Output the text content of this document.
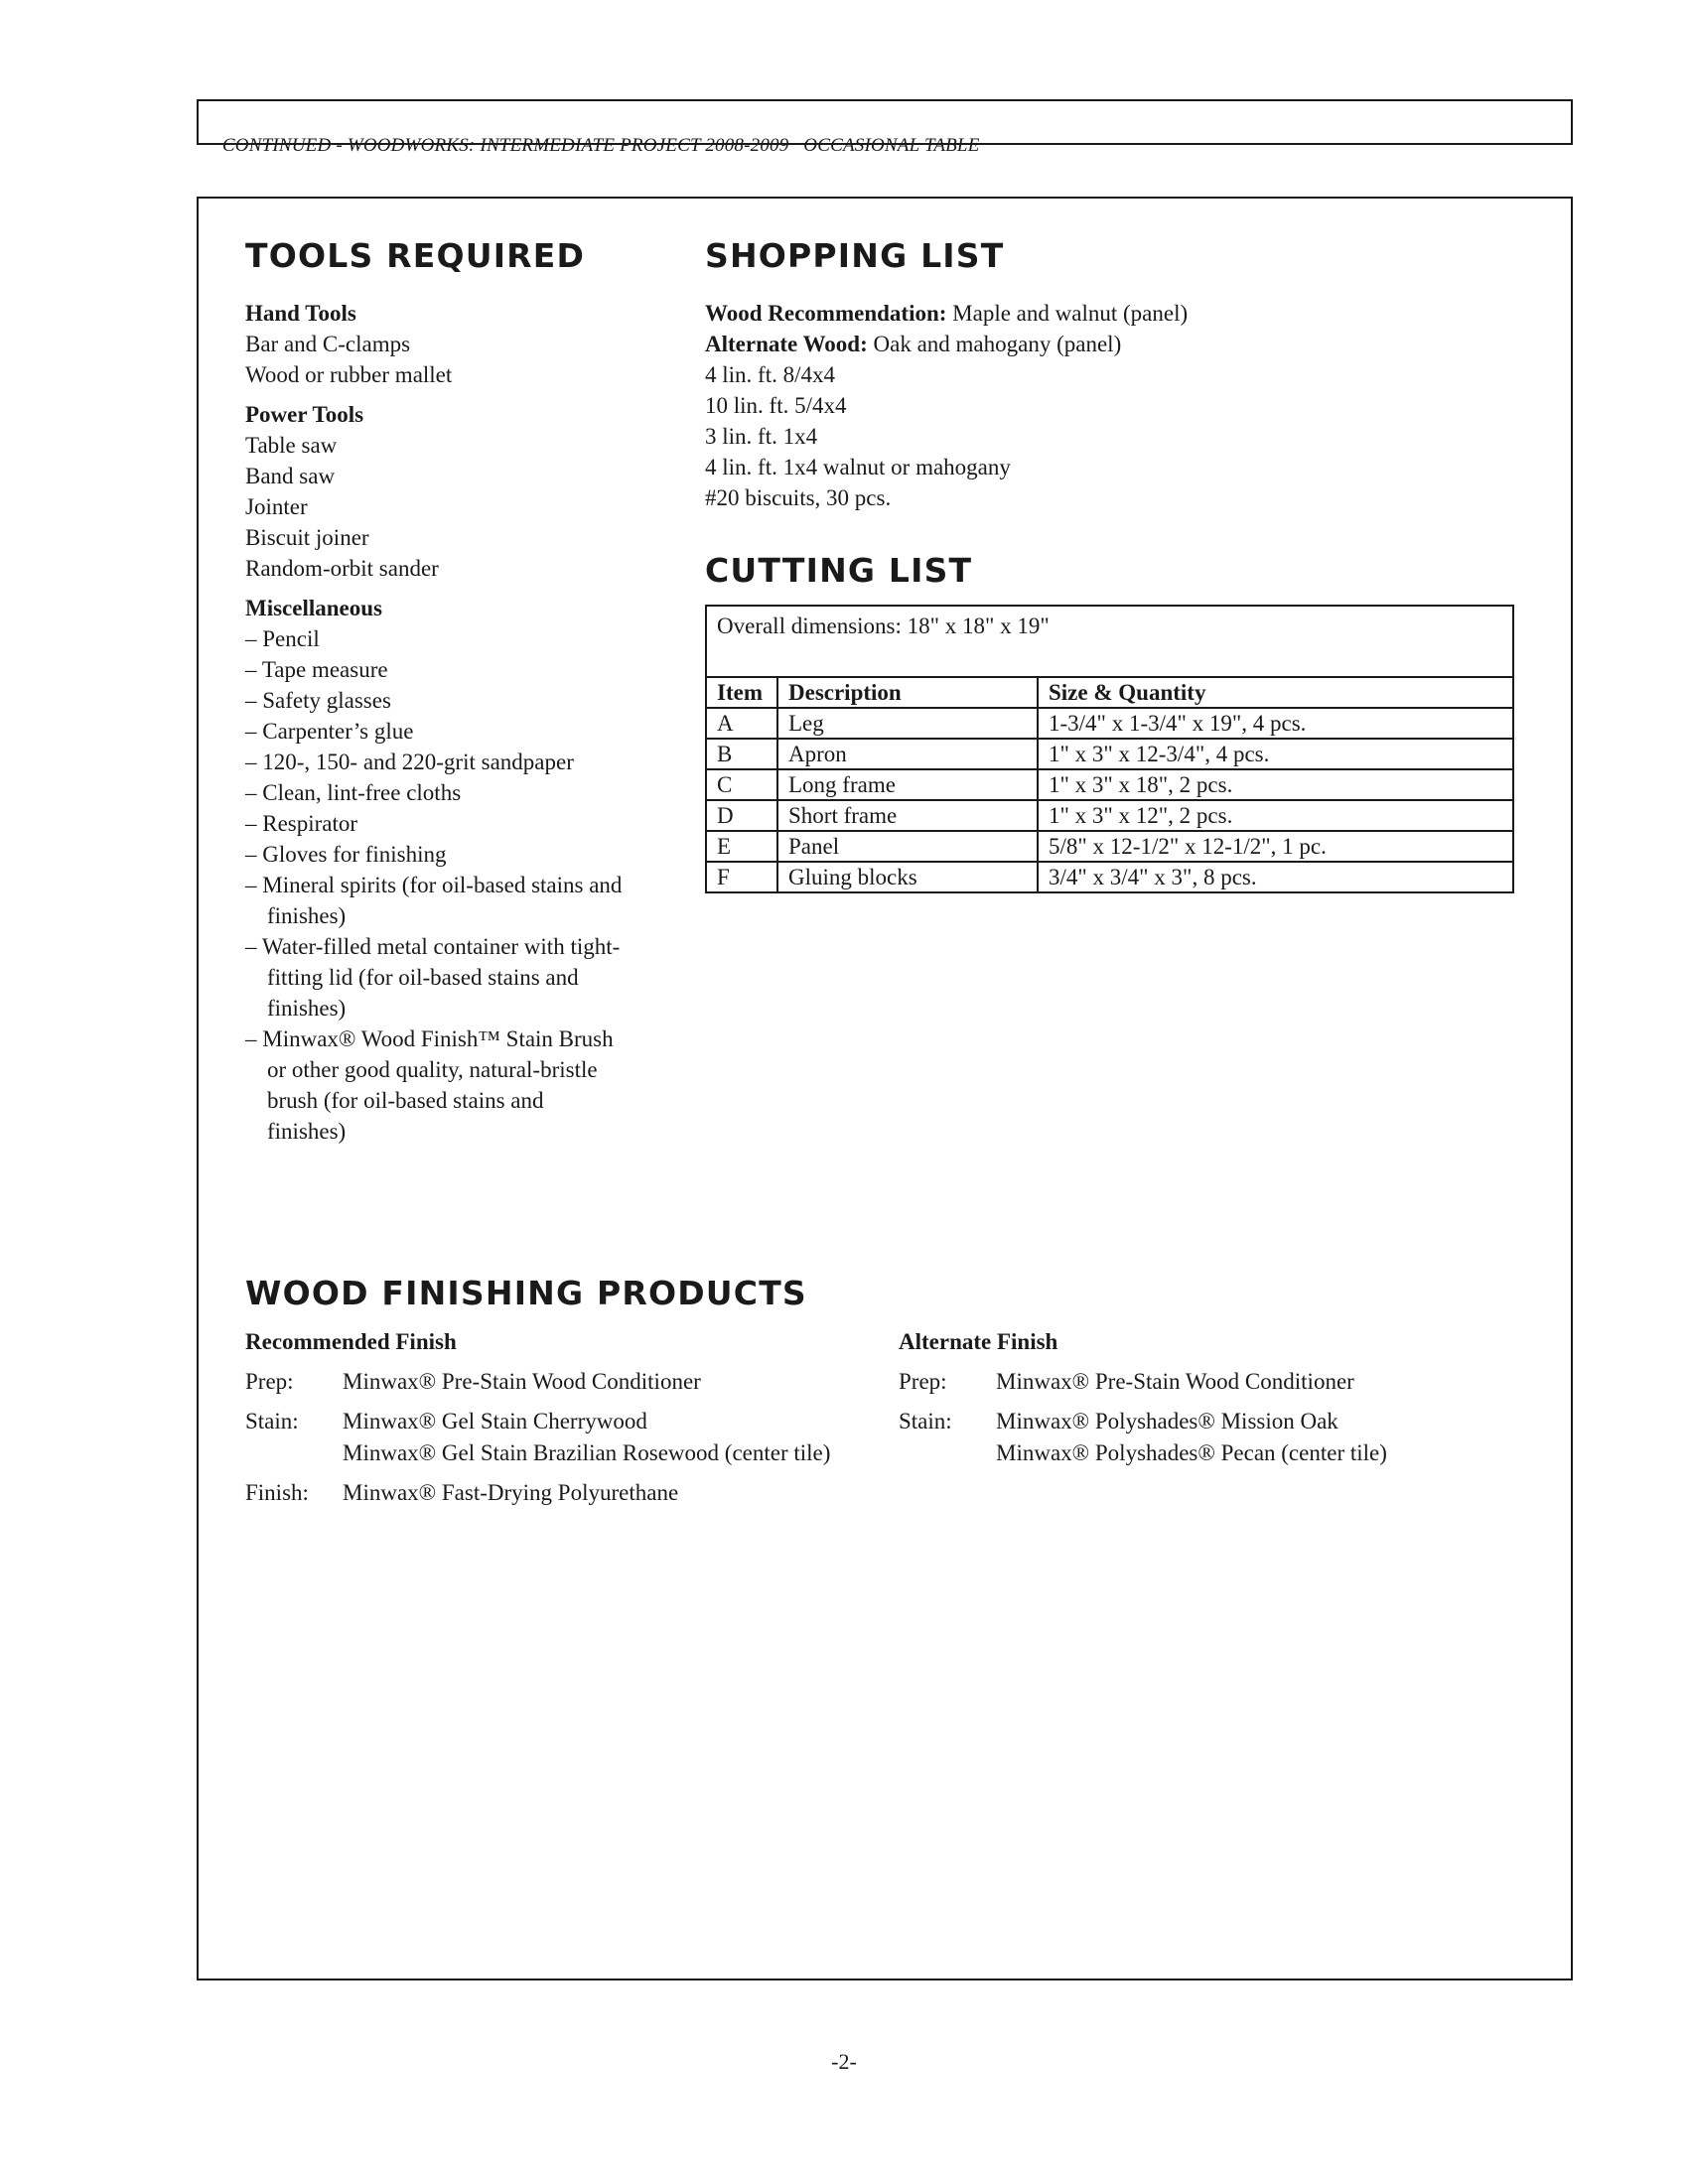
CONTINUED - WOODWORKS: INTERMEDIATE PROJECT 2008-2009   OCCASIONAL TABLE

TOOLS REQUIRED
Hand Tools
Bar and C-clamps
Wood or rubber mallet
Power Tools
Table saw
Band saw
Jointer
Biscuit joiner
Random-orbit sander
Miscellaneous
– Pencil
– Tape measure
– Safety glasses
– Carpenter’s glue
– 120-, 150- and 220-grit sandpaper
– Clean, lint-free cloths
– Respirator
– Gloves for finishing
– Mineral spirits (for oil-based stains and finishes)
– Water-filled metal container with tight-fitting lid (for oil-based stains and finishes)
– Minwax® Wood Finish™ Stain Brush or other good quality, natural-bristle brush (for oil-based stains and finishes)
SHOPPING LIST
Wood Recommendation: Maple and walnut (panel)
Alternate Wood: Oak and mahogany (panel)
4 lin. ft. 8/4x4
10 lin. ft. 5/4x4
3 lin. ft. 1x4
4 lin. ft. 1x4 walnut or mahogany
#20 biscuits, 30 pcs.
CUTTING LIST
Overall dimensions: 18" x 18" x 19"		

Item	Description	Size & Quantity
A	Leg	1-3/4" x 1-3/4" x 19", 4 pcs.
B	Apron	1" x 3" x 12-3/4", 4 pcs.
C	Long frame	1" x 3" x 18", 2 pcs.
D	Short frame	1" x 3" x 12", 2 pcs.
E	Panel	5/8" x 12-1/2" x 12-1/2", 1 pc.
F	Gluing blocks	3/4" x 3/4" x 3", 8 pcs.
WOOD FINISHING PRODUCTS
Recommended Finish
Prep:	Minwax® Pre-Stain Wood Conditioner
Stain:	Minwax® Gel Stain Cherrywood
Minwax® Gel Stain Brazilian Rosewood (center tile)
Finish:	Minwax® Fast-Drying Polyurethane
Alternate Finish
Prep:	Minwax® Pre-Stain Wood Conditioner
Stain:	Minwax® Polyshades® Mission Oak
Minwax® Polyshades® Pecan (center tile)
-2-
